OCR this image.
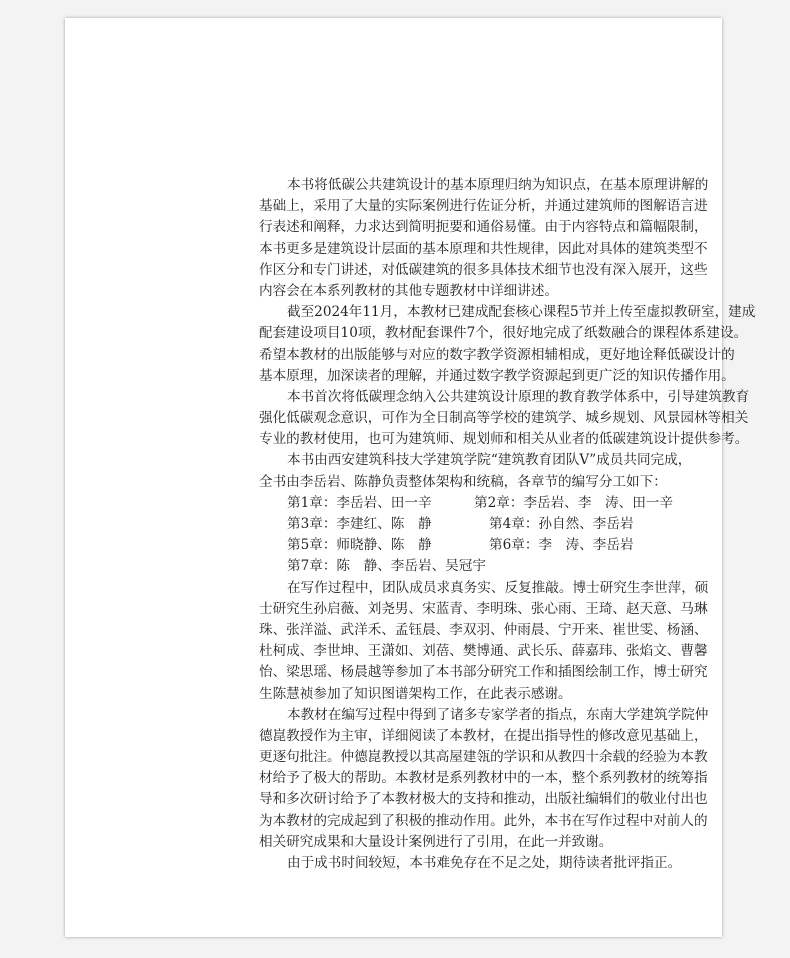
本书将低碳公共建筑设计的基本原理归纳为知识点，在基本原理讲解的
基础上，采用了大量的实际案例进行佐证分析，并通过建筑师的图解语言进
行表述和阐释，力求达到简明扼要和通俗易懂。由于内容特点和篇幅限制，
本书更多是建筑设计层面的基本原理和共性规律，因此对具体的建筑类型不
作区分和专门讲述，对低碳建筑的很多具体技术细节也没有深入展开，这些
内容会在本系列教材的其他专题教材中详细讲述。
截至2024年11月，本教材已建成配套核心课程5节并上传至虚拟教研室，建成
配套建设项目10项，教材配套课件7个，很好地完成了纸数融合的课程体系建设。
希望本教材的出版能够与对应的数字教学资源相辅相成，更好地诠释低碳设计的
基本原理，加深读者的理解，并通过数字教学资源起到更广泛的知识传播作用。
本书首次将低碳理念纳入公共建筑设计原理的教育教学体系中，引导建筑教育
强化低碳观念意识，可作为全日制高等学校的建筑学、城乡规划、风景园林等相关
专业的教材使用，也可为建筑师、规划师和相关从业者的低碳建筑设计提供参考。
本书由西安建筑科技大学建筑学院“建筑教育团队Ⅴ”成员共同完成，
全书由李岳岩、陈静负责整体架构和统稿，各章节的编写分工如下：
第1章：李岳岩、田一辛	第2章：李岳岩、李　涛、田一辛
第3章：李建红、陈　静	第4章：孙自然、李岳岩
第5章：师晓静、陈　静	第6章：李　涛、李岳岩
第7章：陈　静、李岳岩、吴冠宇
在写作过程中，团队成员求真务实、反复推敲。博士研究生李世萍，硕
士研究生孙启薇、刘尧男、宋蓝青、李明珠、张心雨、王琦、赵天意、马琳
珠、张洋溢、武洋禾、孟钰晨、李双羽、仲雨晨、宁开来、崔世雯、杨涵、
杜柯成、李世坤、王潇如、刘蓓、樊博通、武长乐、薛嘉玮、张焰文、曹馨
怡、梁思瑶、杨晨越等参加了本书部分研究工作和插图绘制工作，博士研究
生陈慧祯参加了知识图谱架构工作，在此表示感谢。
本教材在编写过程中得到了诸多专家学者的指点，东南大学建筑学院仲
德崑教授作为主审，详细阅读了本教材，在提出指导性的修改意见基础上，
更逐句批注。仲德崑教授以其高屋建瓴的学识和从教四十余载的经验为本教
材给予了极大的帮助。本教材是系列教材中的一本，整个系列教材的统筹指
导和多次研讨给予了本教材极大的支持和推动，出版社编辑们的敬业付出也
为本教材的完成起到了积极的推动作用。此外，本书在写作过程中对前人的
相关研究成果和大量设计案例进行了引用，在此一并致谢。
由于成书时间较短，本书难免存在不足之处，期待读者批评指正。
